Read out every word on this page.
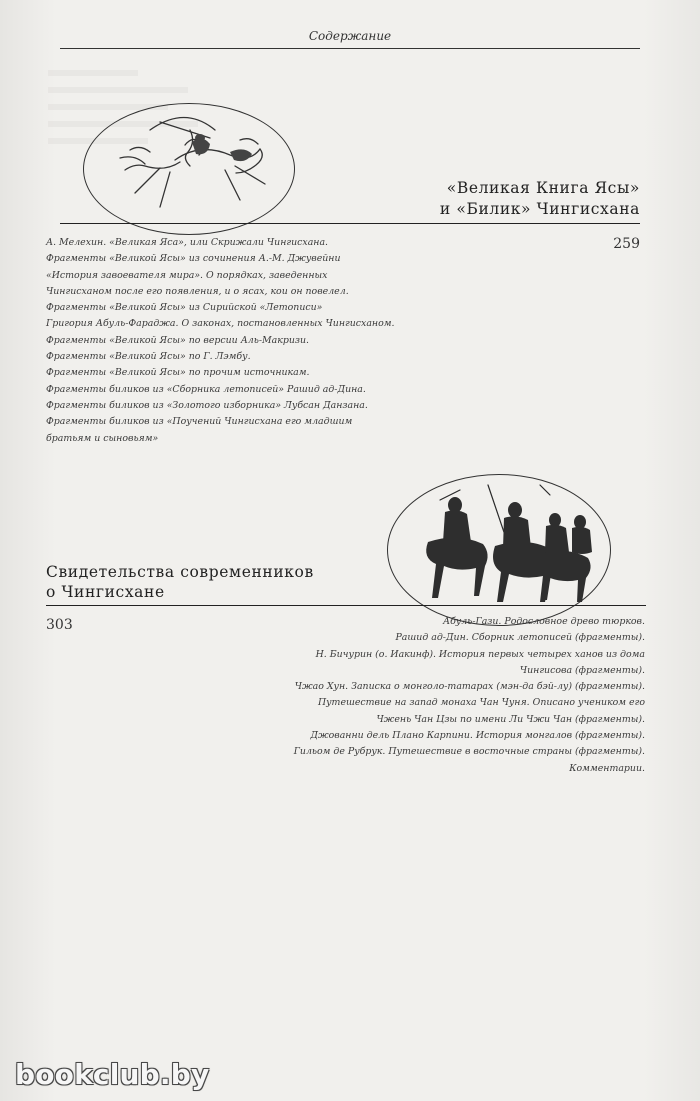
Содержание
«Великая Книга Ясы»
и «Билик» Чингисхана
259
А. Мелехин. «Великая Яса», или Скрижали Чингисхана.
Фрагменты «Великой Ясы» из сочинения А.-М. Джувейни
«История завоевателя мира». О порядках, заведенных
Чингисханом после его появления, и о ясах, кои он повелел.
Фрагменты «Великой Ясы» из Сирийской «Летописи»
Григория Абуль-Фараджа. О законах, постановленных Чингисханом.
Фрагменты «Великой Ясы» по версии Аль-Макризи.
Фрагменты «Великой Ясы» по Г. Лэмбу.
Фрагменты «Великой Ясы» по прочим источникам.
Фрагменты биликов из «Сборника летописей» Рашид ад-Дина.
Фрагменты биликов из «Золотого изборника» Лубсан Данзана.
Фрагменты биликов из «Поучений Чингисхана его младшим
братьям и сыновьям»
Свидетельства современников
о Чингисхане
303	Абуль-Гази. Родословное древо тюрков.
Рашид ад-Дин. Сборник летописей (фрагменты).
Н. Бичурин (о. Иакинф). История первых четырех ханов из дома
Чингисова (фрагменты).
Чжао Хун. Записка о монголо-татарах (мэн-да бэй-лу) (фрагменты).
Путешествие на запад монаха Чан Чуня. Описано учеником его
Чжень Чан Цзы по имени Ли Чжи Чан (фрагменты).
Джованни дель Плано Карпини. История монгалов (фрагменты).
Гильом де Рубрук. Путешествие в восточные страны (фрагменты).
Комментарии.
bookclub.by
